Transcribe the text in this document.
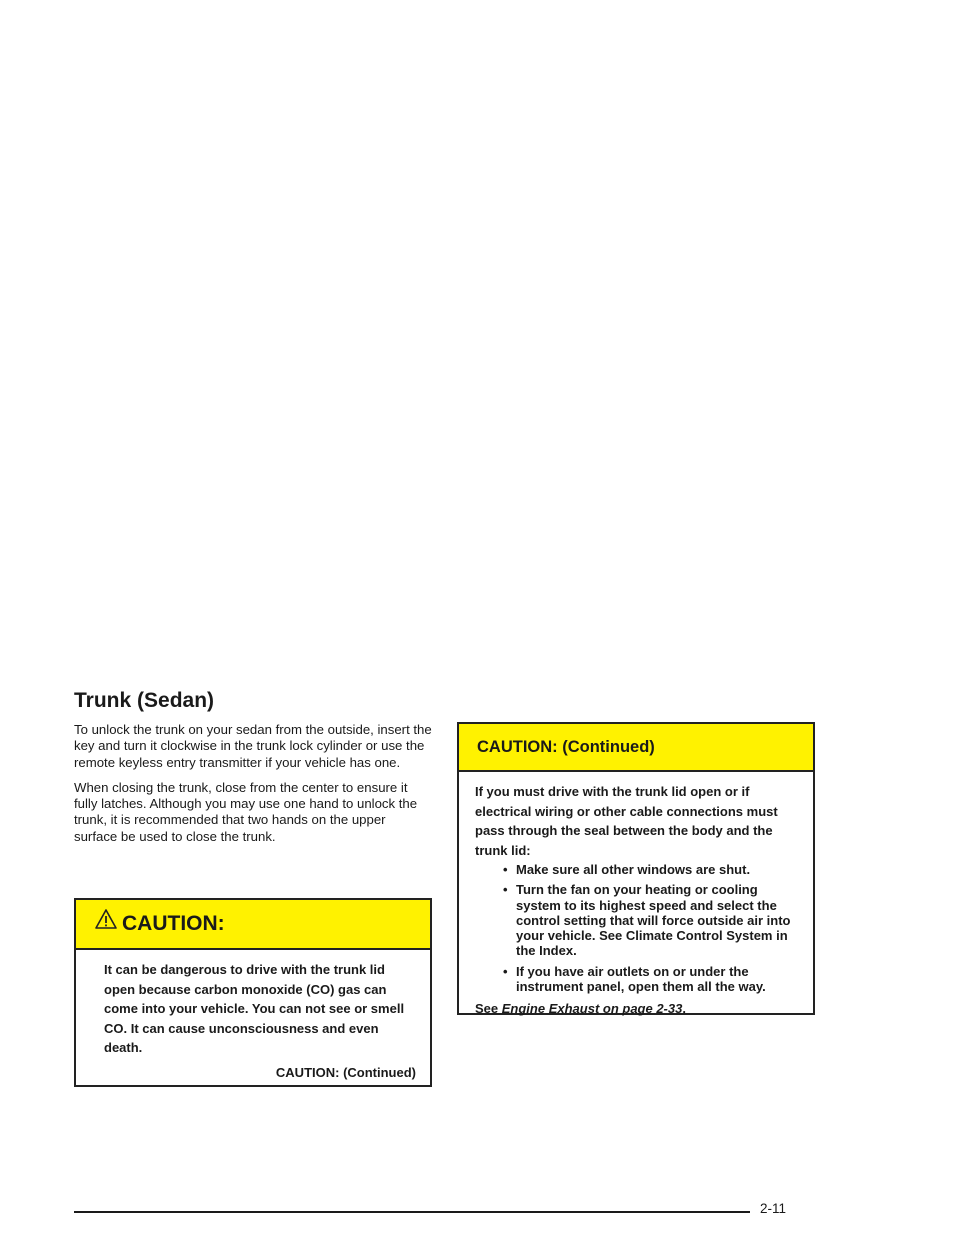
Trunk (Sedan)

To unlock the trunk on your sedan from the outside, insert the key and turn it clockwise in the trunk lock cylinder or use the remote keyless entry transmitter if your vehicle has one.

When closing the trunk, close from the center to ensure it fully latches. Although you may use one hand to unlock the trunk, it is recommended that two hands on the upper surface be used to close the trunk.

CAUTION:
It can be dangerous to drive with the trunk lid open because carbon monoxide (CO) gas can come into your vehicle. You can not see or smell CO. It can cause unconsciousness and even death.
CAUTION: (Continued)
CAUTION: (Continued)
If you must drive with the trunk lid open or if electrical wiring or other cable connections must pass through the seal between the body and the trunk lid:
• Make sure all other windows are shut.
• Turn the fan on your heating or cooling system to its highest speed and select the control setting that will force outside air into your vehicle. See Climate Control System in the Index.
• If you have air outlets on or under the instrument panel, open them all the way.
See Engine Exhaust on page 2-33.
2-11
